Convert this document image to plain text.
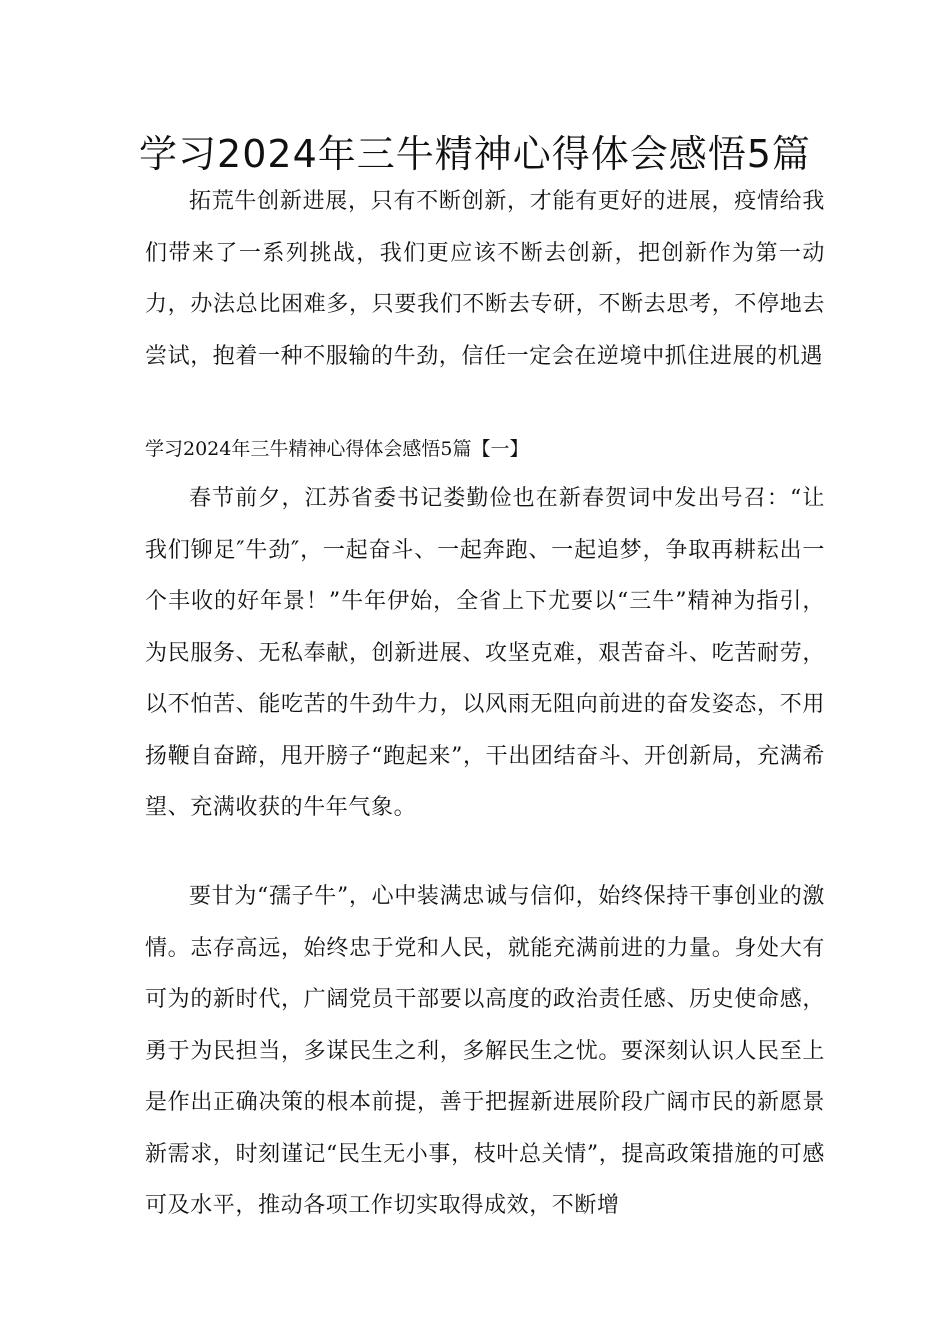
学习2024年三牛精神心得体会感悟5篇

拓荒牛创新进展，只有不断创新，才能有更好的进展，疫情给我们带来了一系列挑战，我们更应该不断去创新，把创新作为第一动力，办法总比困难多，只要我们不断去专研，不断去思考，不停地去尝试，抱着一种不服输的牛劲，信任一定会在逆境中抓住进展的机遇

学习2024年三牛精神心得体会感悟5篇【一】

春节前夕，江苏省委书记娄勤俭也在新春贺词中发出号召：“让我们铆足″牛劲″，一起奋斗、一起奔跑、一起追梦，争取再耕耘出一个丰收的好年景！”牛年伊始，全省上下尤要以“三牛”精神为指引，为民服务、无私奉献，创新进展、攻坚克难，艰苦奋斗、吃苦耐劳，以不怕苦、能吃苦的牛劲牛力，以风雨无阻向前进的奋发姿态，不用扬鞭自奋蹄，甩开膀子“跑起来”，干出团结奋斗、开创新局，充满希望、充满收获的牛年气象。

要甘为“孺子牛”，心中装满忠诚与信仰，始终保持干事创业的激情。志存高远，始终忠于党和人民，就能充满前进的力量。身处大有可为的新时代，广阔党员干部要以高度的政治责任感、历史使命感，勇于为民担当，多谋民生之利，多解民生之忧。要深刻认识人民至上是作出正确决策的根本前提，善于把握新进展阶段广阔市民的新愿景新需求，时刻谨记“民生无小事，枝叶总关情”，提高政策措施的可感可及水平，推动各项工作切实取得成效，不断增
